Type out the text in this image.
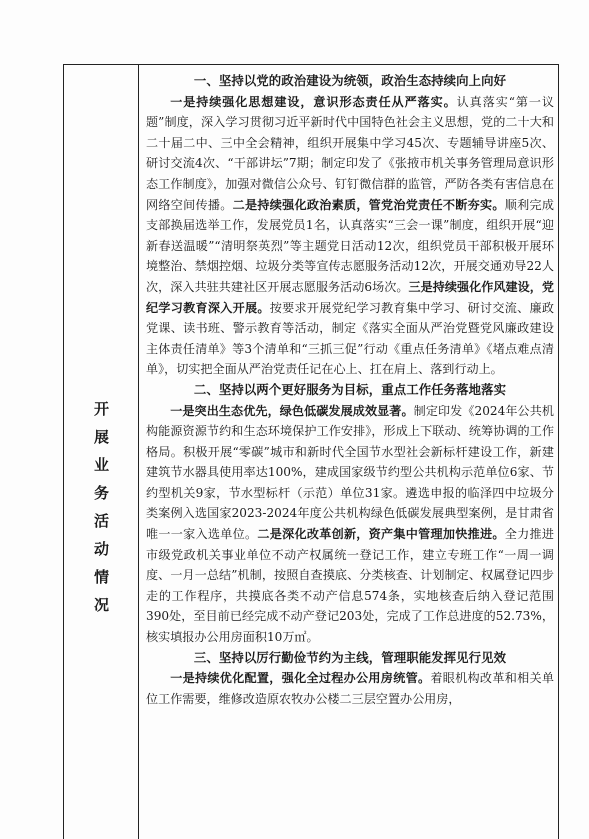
开
展
业
务
活
动
情
况
一、坚持以党的政治建设为统领，政治生态持续向上向好

一是持续强化思想建设，意识形态责任从严落实。认真落实“第一议题”制度，深入学习贯彻习近平新时代中国特色社会主义思想，党的二十大和二十届二中、三中全会精神，组织开展集中学习45次、专题辅导讲座5次、研讨交流4次、“干部讲坛”7期；制定印发了《张掖市机关事务管理局意识形态工作制度》，加强对微信公众号、钉钉微信群的监管，严防各类有害信息在网络空间传播。二是持续强化政治素质，管党治党责任不断夯实。顺利完成支部换届选举工作，发展党员1名，认真落实“三会一课”制度，组织开展“迎新春送温暖”“清明祭英烈”等主题党日活动12次，组织党员干部积极开展环境整治、禁烟控烟、垃圾分类等宣传志愿服务活动12次，开展交通劝导22人次，深入共驻共建社区开展志愿服务活动6场次。三是持续强化作风建设，党纪学习教育深入开展。按要求开展党纪学习教育集中学习、研讨交流、廉政党课、读书班、警示教育等活动，制定《落实全面从严治党暨党风廉政建设主体责任清单》等3个清单和“三抓三促”行动《重点任务清单》《堵点难点清单》，切实把全面从严治党责任记在心上、扛在肩上、落到行动上。

二、坚持以两个更好服务为目标，重点工作任务落地落实

一是突出生态优先，绿色低碳发展成效显著。制定印发《2024年公共机构能源资源节约和生态环境保护工作安排》，形成上下联动、统筹协调的工作格局。积极开展“零碳”城市和新时代全国节水型社会新标杆建设工作，新建建筑节水器具使用率达100%，建成国家级节约型公共机构示范单位6家、节约型机关9家，节水型标杆（示范）单位31家。遴选申报的临泽四中垃圾分类案例入选国家2023-2024年度公共机构绿色低碳发展典型案例，是甘肃省唯一一家入选单位。二是深化改革创新，资产集中管理加快推进。全力推进市级党政机关事业单位不动产权属统一登记工作，建立专班工作“一周一调度、一月一总结”机制，按照自查摸底、分类核查、计划制定、权属登记四步走的工作程序，共摸底各类不动产信息574条，实地核查后纳入登记范围390处，至目前已经完成不动产登记203处，完成了工作总进度的52.73%，核实填报办公用房面积10万㎡。

三、坚持以厉行勤俭节约为主线，管理职能发挥见行见效

一是持续优化配置，强化全过程办公用房统管。着眼机构改革和相关单位工作需要，维修改造原农牧办公楼二三层空置办公用房，
